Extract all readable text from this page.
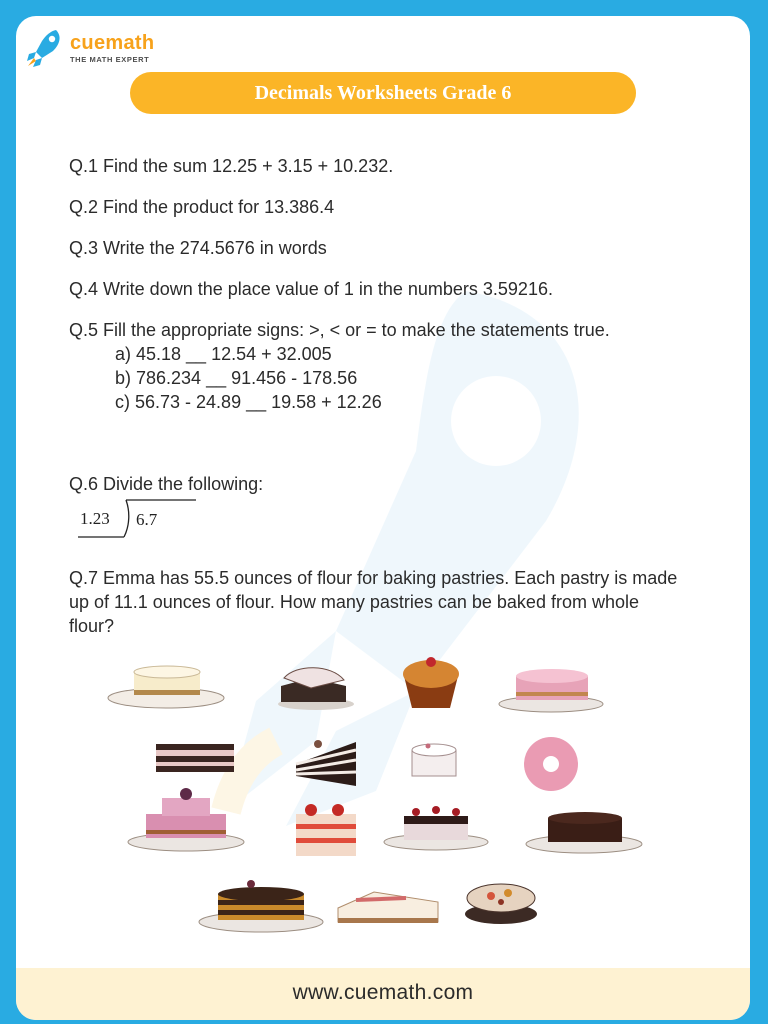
cuemath
THE MATH EXPERT
Decimals Worksheets Grade 6
Q.1 Find the sum 12.25 + 3.15 + 10.232.
Q.2 Find the product for 13.386.4
Q.3 Write the 274.5676 in words
Q.4 Write down the place value of 1 in the numbers 3.59216.
Q.5 Fill the appropriate signs: >, < or = to make the statements true.
a) 45.18 __ 12.54 + 32.005
b) 786.234 __ 91.456 - 178.56
c) 56.73 - 24.89 __ 19.58 + 12.26
Q.6 Divide the following:
1.23 6.7
Q.7 Emma has 55.5 ounces of flour for baking pastries. Each pastry is made up of 11.1 ounces of flour. How many pastries can be baked from whole flour?
www.cuemath.com
